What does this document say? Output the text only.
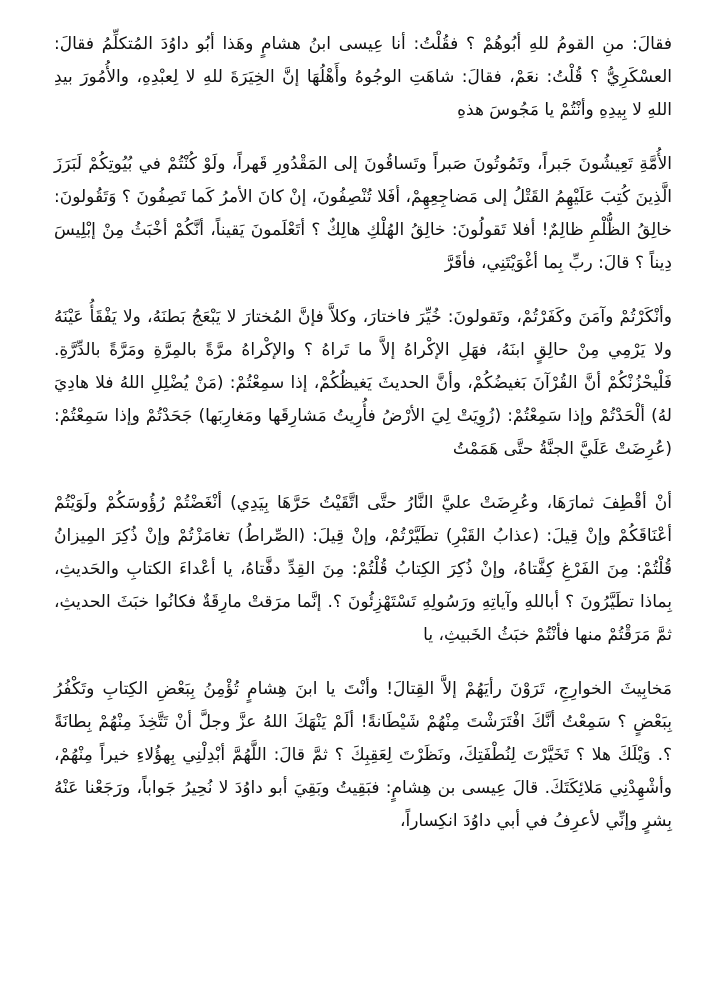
فقالَ: منِ القومُ للهِ أبُوهُمْ ؟ فقُلْتُ: أنا عِيسى ابنُ هشامٍ وهَذا أبُو داوُدَ المُتكلِّمُ فقالَ: العسْكَرِيُّ ؟ قُلْتُ: نعَمْ، فقالَ: شاهَتِ الوجُوهُ وأَهْلُهَا إنَّ الخِيَرَةَ للهِ لا لِعبْدِهِ، والأُمُورَ بيدِ اللهِ لا بِيدِهِ وأنْتُمْ يا مَجُوسَ هذهِ

الأُمَّةِ تَعِيشُونَ جَبراً، وتَمُوتُونَ صَبراً وتَساقُونَ إلى المَقْدُورِ قَهراً، ولَوْ كُنْتُمْ في بُيُوتِكُمْ لَبَرَزَ الَّذِينَ كُتِبَ عَلَيْهِمُ القَتْلُ إلى مَضاجِعِهِمْ، أفَلا تُنْصِفُونَ، إنْ كانَ الأمرُ كَما تَصِفُونَ ؟ وَتَقُولونَ: خالِقُ الظُّلْمِ ظالِمٌ! أفلا تَقولُونَ: خالِقُ الهُلْكِ هالِكٌ ؟ أتَعْلَمونَ يَقيناً، أنَّكُمْ أخْبَثُ مِنْ إبْلِيسَ دِيناً ؟ قالَ: ربِّ بِما أغْوَيْتَنِي، فأقَرَّ

وأنْكَرْتُمْ وآمَنَ وكَفَرْتُمْ، وتَقولونَ: خُيِّرَ فاختارَ، وكلاَّ فإنَّ المُختارَ لا يَبْعَجُ بَطنَهُ، ولا يَفْقَأُ عَيْنَهُ ولا يَرْمِي مِنْ حالِقٍ ابنَهُ، فهَلِ الإكْراهُ إلاَّ ما تَراهُ ؟ والإكْراهُ مرَّةً بالمِرَّةِ ومَرَّةً بالدِّرَّةِ. فَلْيحْزُنْكُمْ أنَّ القُرْآنَ بَغيضُكُمْ، وأنَّ الحديثَ يَغيظُكُمْ، إذا سمِعْتُمْ: (مَنْ يُضْلِلِ اللهُ فلا هادِيَ لهُ) ألْحَدْتُمْ وإذا سَمِعْتُمْ: (زُوِيَتْ لِيَ الأرْضُ فأُرِيتُ مَشارِقَها ومَغارِبَها) جَحَدْتُمْ وإذا سَمِعْتُمْ: (عُرِضَتْ عَلَيَّ الجنَّةُ حتَّى هَمَمْتُ

أنْ أقْطِفَ ثمارَهَا، وعُرِضَتْ عليَّ النَّارُ حتَّى اتَّقَيْتُ حَرَّهَا بِيَدِي) أنْغَضْتُمْ رُؤُوسَكُمْ ولَوَيْتُمْ أعْنَاقَكُمْ وإنْ قِيلَ: (عذابُ القَبْرِ) تطَيَّرْتُمْ، وإنْ قِيلَ: (الصِّراطُ) تغامَزْتُمْ وإنْ ذُكِرَ المِيزانُ قُلْتُمْ: مِنَ الفَرْغِ كِفَّتاهُ، وإنْ ذُكِرَ الكِتابُ قُلْتُمْ: مِنَ القِدِّ دفَّتاهُ، يا أعْداءَ الكتابِ والحَديثِ، بِماذا تطَيَّرُونَ ؟ أباللهِ وآياتِهِ ورَسُولِهِ تَسْتَهْزِئُونَ ؟. إنَّما مرَقتْ مارِقَةٌ فكانُوا خبَثَ الحديثِ، ثمَّ مَرَقْتُمْ منها فأنْتُمْ خبَثُ الخَبيثِ، يا

مَخابِيثَ الخوارِجِ، تَرَوْنَ رأيَهُمْ إلاَّ القِتالَ! وأنْتَ يا ابنَ هِشامٍ تُؤْمِنُ بِبَعْضِ الكِتابِ وتَكْفُرُ بِبَعْضٍ ؟ سَمِعْتُ أنَّكَ افْتَرَشْتَ مِنْهُمْ شَيْطَانةً! ألَمْ يَنْهَكَ اللهُ عزَّ وجلَّ أنْ تَتَّخِذَ مِنْهُمْ بِطانَةً ؟. وَيْلَكَ هلا ؟ تَخَيَّرْتَ لِنُطْفَتِكَ، ونَظَرْتَ لِعَقِبِكَ ؟ ثمَّ قالَ: اللَّهُمَّ أبْدِلْنِي بِهؤُلاءِ خيراً مِنْهُمْ، وأشْهِدْنِي مَلائِكَتَكَ. قالَ عِيسى بن هِشامٍ: فبَقِيتُ وبَقِيَ أبو داوُدَ لا نُحِيرُ جَواباً، ورَجَعْنا عَنْهُ بِشرٍ وإنِّي لأعرِفُ في أبي داوُدَ انكِساراً،
